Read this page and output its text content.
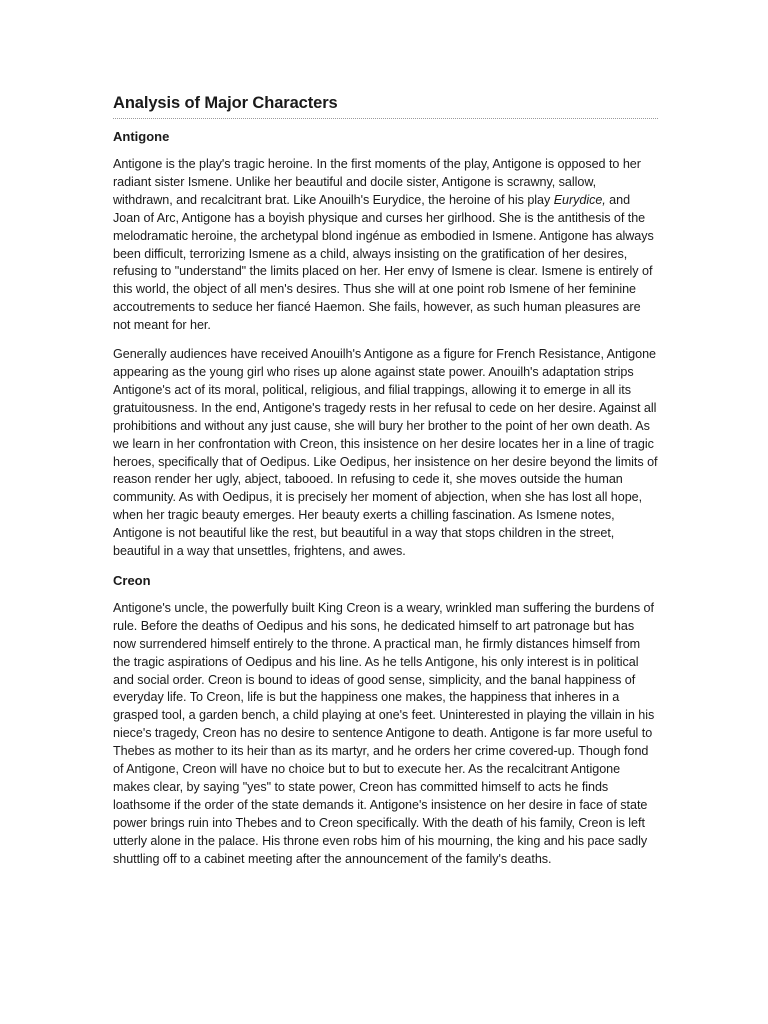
Analysis of Major Characters
Antigone

Antigone is the play's tragic heroine. In the first moments of the play, Antigone is opposed to her radiant sister Ismene. Unlike her beautiful and docile sister, Antigone is scrawny, sallow, withdrawn, and recalcitrant brat. Like Anouilh's Eurydice, the heroine of his play Eurydice, and Joan of Arc, Antigone has a boyish physique and curses her girlhood. She is the antithesis of the melodramatic heroine, the archetypal blond ingénue as embodied in Ismene. Antigone has always been difficult, terrorizing Ismene as a child, always insisting on the gratification of her desires, refusing to "understand" the limits placed on her. Her envy of Ismene is clear. Ismene is entirely of this world, the object of all men's desires. Thus she will at one point rob Ismene of her feminine accoutrements to seduce her fiancé Haemon. She fails, however, as such human pleasures are not meant for her.

Generally audiences have received Anouilh's Antigone as a figure for French Resistance, Antigone appearing as the young girl who rises up alone against state power. Anouilh's adaptation strips Antigone's act of its moral, political, religious, and filial trappings, allowing it to emerge in all its gratuitousness. In the end, Antigone's tragedy rests in her refusal to cede on her desire. Against all prohibitions and without any just cause, she will bury her brother to the point of her own death. As we learn in her confrontation with Creon, this insistence on her desire locates her in a line of tragic heroes, specifically that of Oedipus. Like Oedipus, her insistence on her desire beyond the limits of reason render her ugly, abject, tabooed. In refusing to cede it, she moves outside the human community. As with Oedipus, it is precisely her moment of abjection, when she has lost all hope, when her tragic beauty emerges. Her beauty exerts a chilling fascination. As Ismene notes, Antigone is not beautiful like the rest, but beautiful in a way that stops children in the street, beautiful in a way that unsettles, frightens, and awes.

Creon

Antigone's uncle, the powerfully built King Creon is a weary, wrinkled man suffering the burdens of rule. Before the deaths of Oedipus and his sons, he dedicated himself to art patronage but has now surrendered himself entirely to the throne. A practical man, he firmly distances himself from the tragic aspirations of Oedipus and his line. As he tells Antigone, his only interest is in political and social order. Creon is bound to ideas of good sense, simplicity, and the banal happiness of everyday life. To Creon, life is but the happiness one makes, the happiness that inheres in a grasped tool, a garden bench, a child playing at one's feet. Uninterested in playing the villain in his niece's tragedy, Creon has no desire to sentence Antigone to death. Antigone is far more useful to Thebes as mother to its heir than as its martyr, and he orders her crime covered-up. Though fond of Antigone, Creon will have no choice but to but to execute her. As the recalcitrant Antigone makes clear, by saying "yes" to state power, Creon has committed himself to acts he finds loathsome if the order of the state demands it. Antigone's insistence on her desire in face of state power brings ruin into Thebes and to Creon specifically. With the death of his family, Creon is left utterly alone in the palace. His throne even robs him of his mourning, the king and his pace sadly shuttling off to a cabinet meeting after the announcement of the family's deaths.
